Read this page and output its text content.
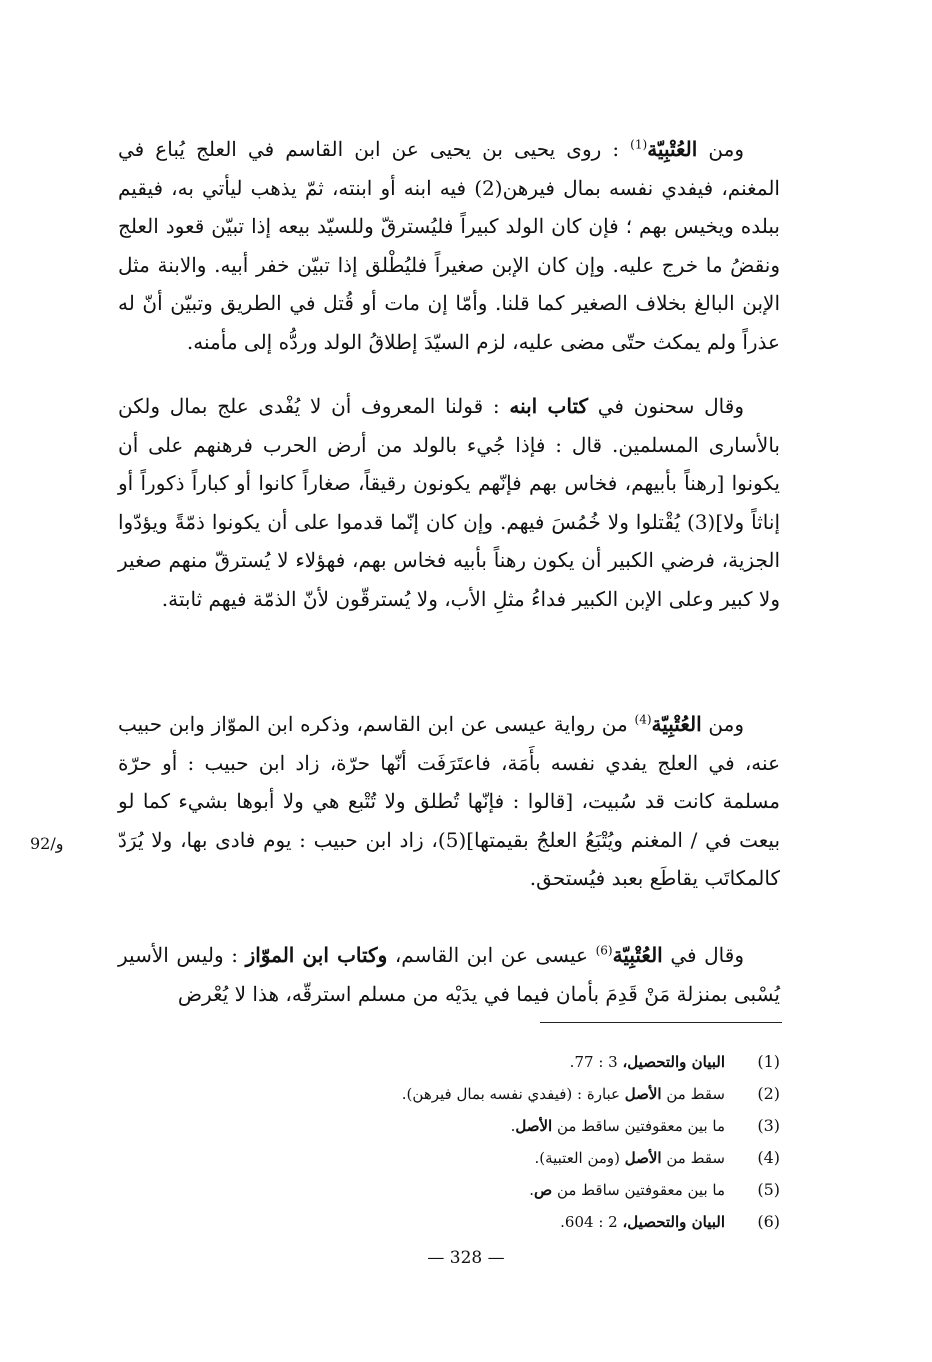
ومن العُتْبِيّة$^{(1)}$ : روى يحيى بن يحيى عن ابن القاسم في العلج يُباع في المغنم، فيفدي نفسه بمال فيرهن(2) فيه ابنه أو ابنته، ثمّ يذهب ليأتي به، فيقيم ببلده ويخيس بهم ؛ فإن كان الولد كبيراً فليُسترقّ وللسيّد بيعه إذا تبيّن قعود العلج ونقضُ ما خرج عليه. وإن كان الإبن صغيراً فليُطْلق إذا تبيّن خفر أبيه. والابنة مثل الإبن البالغ بخلاف الصغير كما قلنا. وأمّا إن مات أو قُتل في الطريق وتبيّن أنّ له عذراً ولم يمكث حتّى مضى عليه، لزم السيّدَ إطلاقُ الولد وردُّه إلى مأمنه.

وقال سحنون في كتاب ابنه : قولنا المعروف أن لا يُفْدى علج بمال ولكن بالأسارى المسلمين. قال : فإذا جُيء بالولد من أرض الحرب فرهنهم على أن يكونوا [رهناً بأبيهم، فخاس بهم فإنّهم يكونون رقيقاً، صغاراً كانوا أو كباراً ذكوراً أو إناثاً ولا](3) يُقْتلوا ولا خُمُسَ فيهم. وإن كان إنّما قدموا على أن يكونوا ذمّةً ويؤدّوا الجزية، فرضي الكبير أن يكون رهناً بأبيه فخاس بهم، فهؤلاء لا يُسترقّ منهم صغير ولا كبير وعلى الإبن الكبير فداءُ مثلِ الأب، ولا يُسترقّون لأنّ الذمّة فيهم ثابتة.

ومن العُتْبِيّة$^{(4)}$ من رواية عيسى عن ابن القاسم، وذكره ابن الموّاز وابن حبيب عنه، في العلج يفدي نفسه بأَمَة، فاعتَرَفَت أنّها حرّة، زاد ابن حبيب : أو حرّة مسلمة كانت قد سُبيت، [قالوا : فإنّها تُطلق ولا تُتْبع هي ولا أبوها بشيء كما لو بيعت في / المغنم ويُتْبَعُ العلجُ بقيمتها](5)، زاد ابن حبيب : يوم فادى بها، ولا يُرَدّ كالمكاتَب يقاطَع بعبد فيُستحق.

92/و

وقال في العُتْبِيّة$^{(6)}$ عيسى عن ابن القاسم، وكتاب ابن الموّاز : وليس الأسير يُسْبى بمنزلة مَنْ قَدِمَ بأمان فيما في يدَيْه من مسلم استرقّه، هذا لا يُعْرض

(1)البيان والتحصيل، 3 : 77.
(2)سقط من الأصل عبارة : (فيفدي نفسه بمال فيرهن).
(3)ما بين معقوفتين ساقط من الأصل.
(4)سقط من الأصل (ومن العتبية).
(5)ما بين معقوفتين ساقط من ص.
(6)البيان والتحصيل، 2 : 604.
— 328 —
